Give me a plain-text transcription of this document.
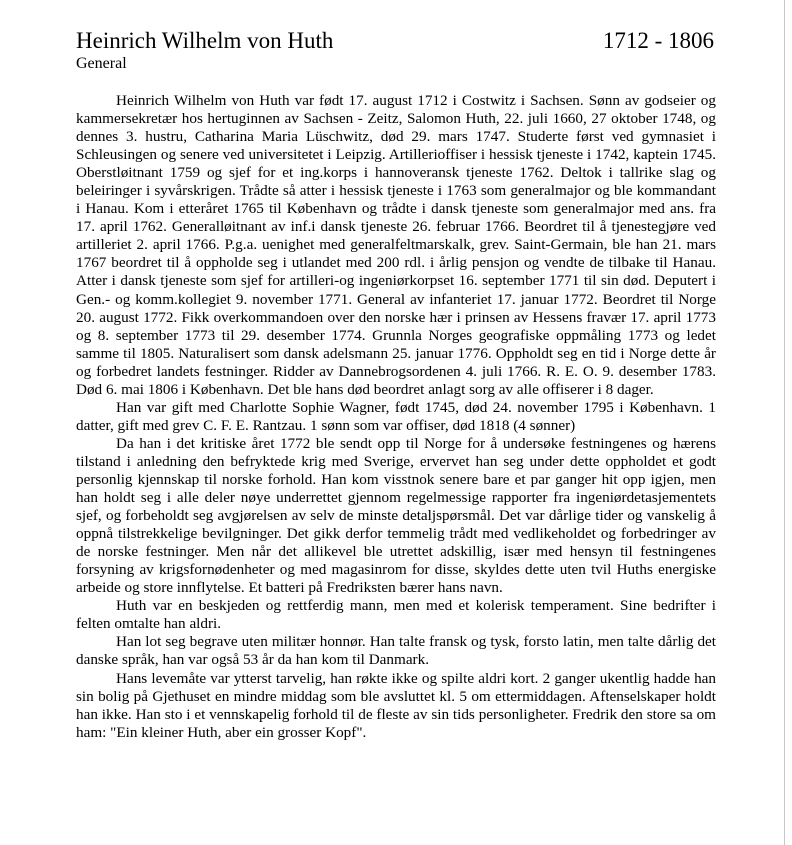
Heinrich Wilhelm von Huth	1712 - 1806
General

Heinrich Wilhelm von Huth var født 17. august 1712 i Costwitz i Sachsen. Sønn av godseier og kammersekretær hos hertuginnen av Sachsen - Zeitz, Salomon Huth, 22. juli 1660, 27 oktober 1748, og dennes 3. hustru, Catharina Maria Lüschwitz, død 29. mars 1747. Studerte først ved gymnasiet i Schleusingen og senere ved universitetet i Leipzig. Artillerioffiser i hessisk tjeneste i 1742, kaptein 1745. Oberstløitnant 1759 og sjef for et ing.korps i hannoveransk tjeneste 1762. Deltok i tallrike slag og beleiringer i syvårskrigen. Trådte så atter i hessisk tjeneste i 1763 som generalmajor og ble kommandant i Hanau. Kom i etteråret 1765 til København og trådte i dansk tjeneste som generalmajor med ans. fra 17. april 1762. Generalløitnant av inf.i dansk tjeneste 26. februar 1766. Beordret til å tjenestegjøre ved artilleriet 2. april 1766. P.g.a. uenighet med generalfeltmarskalk, grev. Saint-Germain, ble han 21. mars 1767 beordret til å oppholde seg i utlandet med 200 rdl. i årlig pensjon og vendte de tilbake til Hanau. Atter i dansk tjeneste som sjef for artilleri-og ingeniørkorpset 16. september 1771 til sin død. Deputert i Gen.- og komm.kollegiet 9. november 1771. General av infanteriet 17. januar 1772. Beordret til Norge 20. august 1772. Fikk overkommandoen over den norske hær i prinsen av Hessens fravær 17. april 1773 og 8. september 1773 til 29. desember 1774. Grunnla Norges geografiske oppmåling 1773 og ledet samme til 1805. Naturalisert som dansk adelsmann 25. januar 1776. Oppholdt seg en tid i Norge dette år og forbedret landets festninger. Ridder av Dannebrogsordenen 4. juli 1766. R. E. O. 9. desember 1783. Død 6. mai 1806 i København. Det ble hans død beordret anlagt sorg av alle offiserer i 8 dager.

Han var gift med Charlotte Sophie Wagner, født 1745, død 24. november 1795 i København. 1 datter, gift med grev C. F. E. Rantzau. 1 sønn som var offiser, død 1818 (4 sønner)

Da han i det kritiske året 1772 ble sendt opp til Norge for å undersøke festningenes og hærens tilstand i anledning den befryktede krig med Sverige, ervervet han seg under dette oppholdet et godt personlig kjennskap til norske forhold. Han kom visstnok senere bare et par ganger hit opp igjen, men han holdt seg i alle deler nøye underrettet gjennom regelmessige rapporter fra ingeniørdetasjementets sjef, og forbeholdt seg avgjørelsen av selv de minste detaljspørsmål. Det var dårlige tider og vanskelig å oppnå tilstrekkelige bevilgninger. Det gikk derfor temmelig trådt med vedlikeholdet og forbedringer av de norske festninger. Men når det allikevel ble utrettet adskillig, især med hensyn til festningenes forsyning av krigsfornødenheter og med magasinrom for disse, skyldes dette uten tvil Huths energiske arbeide og store innflytelse. Et batteri på Fredriksten bærer hans navn.

Huth var en beskjeden og rettferdig mann, men med et kolerisk temperament. Sine bedrifter i felten omtalte han aldri.

Han lot seg begrave uten militær honnør. Han talte fransk og tysk, forsto latin, men talte dårlig det danske språk, han var også 53 år da han kom til Danmark.

Hans levemåte var ytterst tarvelig, han røkte ikke og spilte aldri kort. 2 ganger ukentlig hadde han sin bolig på Gjethuset en mindre middag som ble avsluttet kl. 5 om ettermiddagen. Aftenselskaper holdt han ikke. Han sto i et vennskapelig forhold til de fleste av sin tids personligheter. Fredrik den store sa om ham: "Ein kleiner Huth, aber ein grosser Kopf".
